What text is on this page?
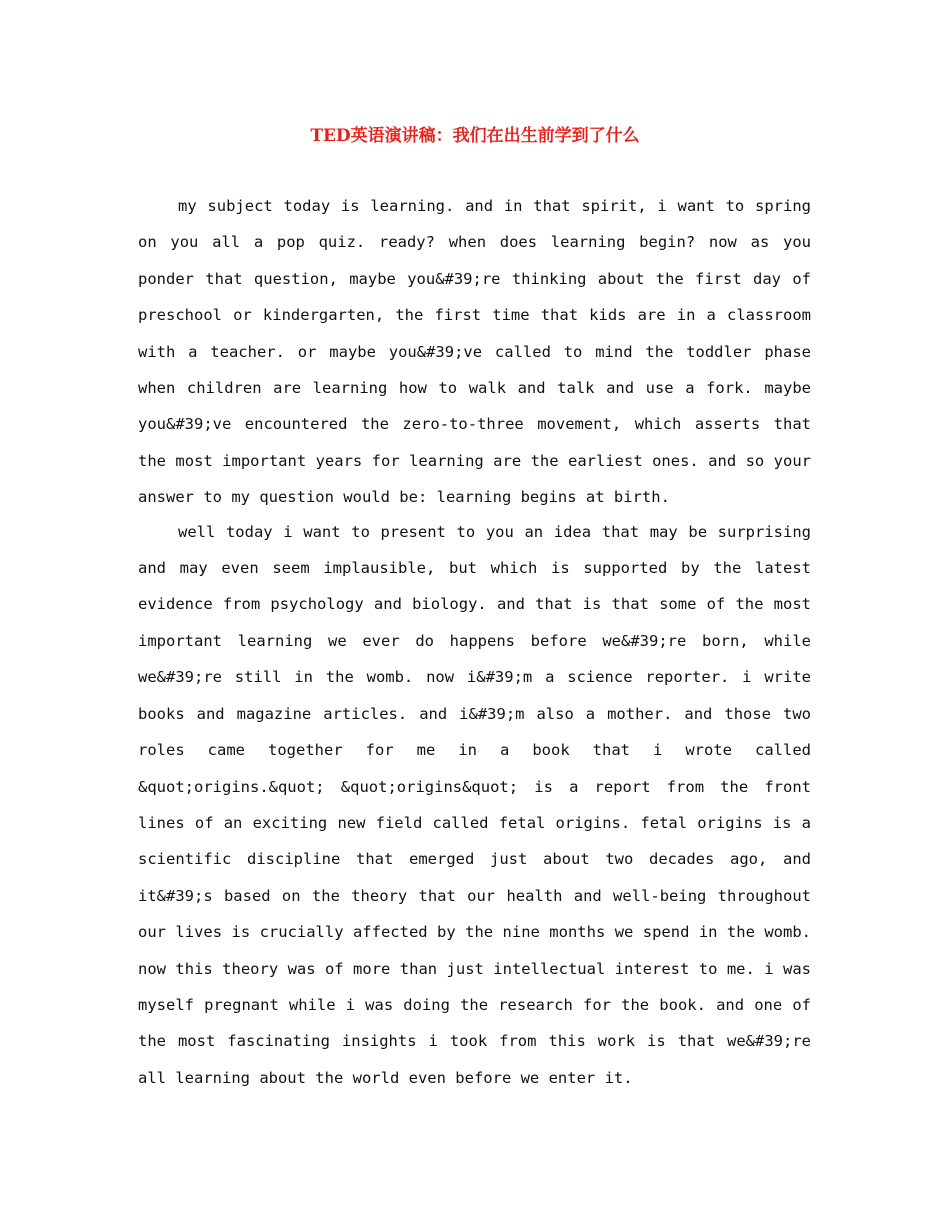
TED英语演讲稿：我们在出生前学到了什么

my subject today is learning. and in that spirit, i want to spring on you all a pop quiz. ready? when does learning begin? now as you ponder that question, maybe you&#39;re thinking about the first day of preschool or kindergarten, the first time that kids are in a classroom with a teacher. or maybe you&#39;ve called to mind the toddler phase when children are learning how to walk and talk and use a fork. maybe you&#39;ve encountered the zero-to-three movement, which asserts that the most important years for learning are the earliest ones. and so your answer to my question would be: learning begins at birth.

well today i want to present to you an idea that may be surprising and may even seem implausible, but which is supported by the latest evidence from psychology and biology. and that is that some of the most important learning we ever do happens before we&#39;re born, while we&#39;re still in the womb. now i&#39;m a science reporter. i write books and magazine articles. and i&#39;m also a mother. and those two roles came together for me in a book that i wrote called &quot;origins.&quot; &quot;origins&quot; is a report from the front lines of an exciting new field called fetal origins. fetal origins is a scientific discipline that emerged just about two decades ago, and it&#39;s based on the theory that our health and well-being throughout our lives is crucially affected by the nine months we spend in the womb. now this theory was of more than just intellectual interest to me. i was myself pregnant while i was doing the research for the book. and one of the most fascinating insights i took from this work is that we&#39;re all learning about the world even before we enter it.
